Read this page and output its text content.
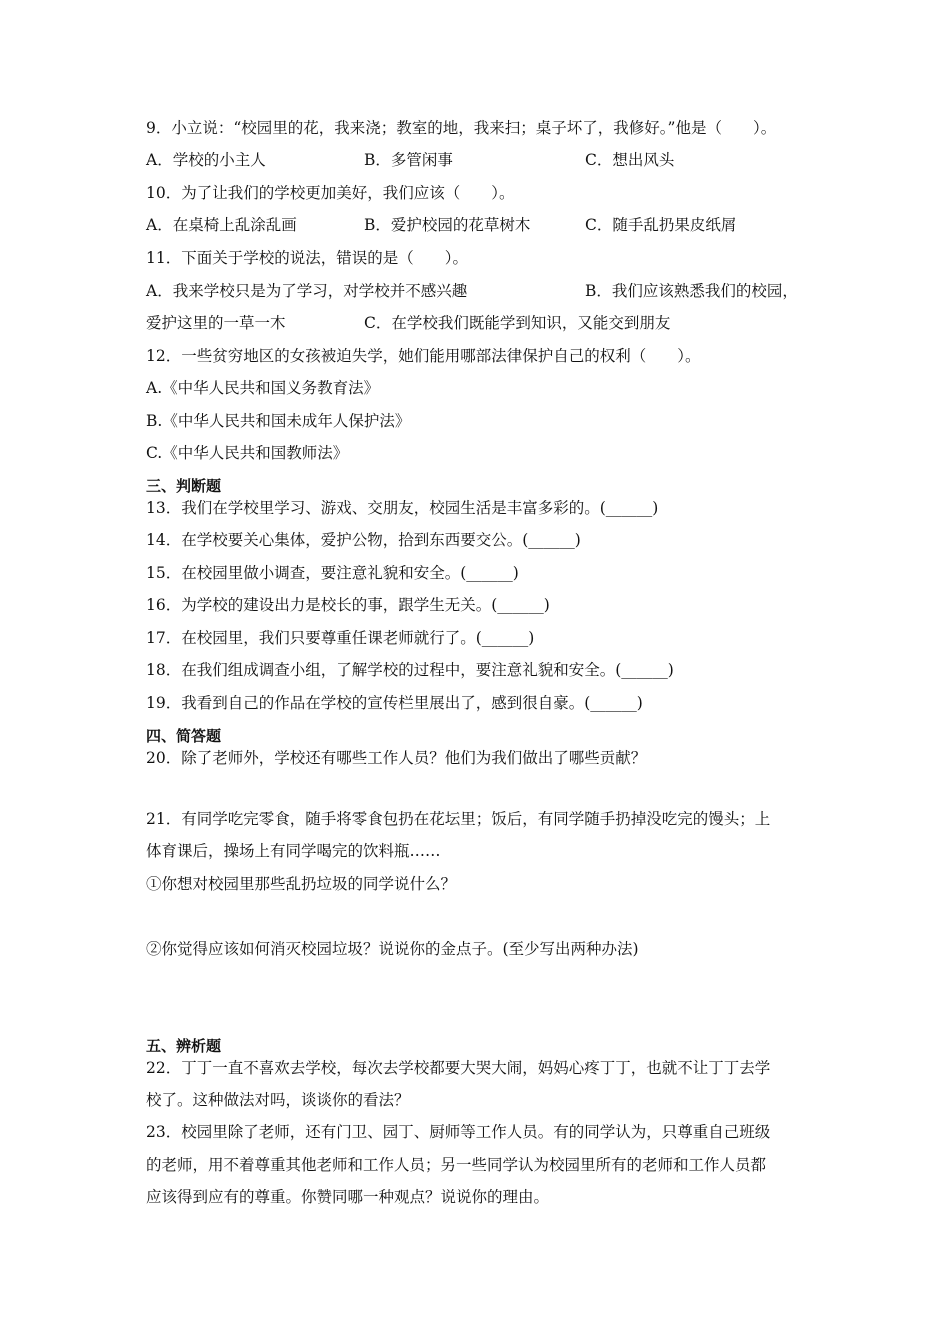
9．小立说：“校园里的花，我来浇；教室的地，我来扫；桌子坏了，我修好。”他是（　　）。
A．学校的小主人	B．多管闲事	C．想出风头
10．为了让我们的学校更加美好，我们应该（　　）。
A．在桌椅上乱涂乱画	B．爱护校园的花草树木	C．随手乱扔果皮纸屑
11．下面关于学校的说法，错误的是（　　）。
A．我来学校只是为了学习，对学校并不感兴趣	B．我们应该熟悉我们的校园，
爱护这里的一草一木	C．在学校我们既能学到知识，又能交到朋友
12．一些贫穷地区的女孩被迫失学，她们能用哪部法律保护自己的权利（　　）。
A.《中华人民共和国义务教育法》
B.《中华人民共和国未成年人保护法》
C.《中华人民共和国教师法》
三、判断题
13．我们在学校里学习、游戏、交朋友，校园生活是丰富多彩的。(______)
14．在学校要关心集体，爱护公物，拾到东西要交公。(______)
15．在校园里做小调查，要注意礼貌和安全。(______)
16．为学校的建设出力是校长的事，跟学生无关。(______)
17．在校园里，我们只要尊重任课老师就行了。(______)
18．在我们组成调查小组，了解学校的过程中，要注意礼貌和安全。(______)
19．我看到自己的作品在学校的宣传栏里展出了，感到很自豪。(______)
四、简答题
20．除了老师外，学校还有哪些工作人员？他们为我们做出了哪些贡献？
21．有同学吃完零食，随手将零食包扔在花坛里；饭后，有同学随手扔掉没吃完的馒头；上
体育课后，操场上有同学喝完的饮料瓶……
①你想对校园里那些乱扔垃圾的同学说什么？
②你觉得应该如何消灭校园垃圾？说说你的金点子。(至少写出两种办法)
五、辨析题
22．丁丁一直不喜欢去学校，每次去学校都要大哭大闹，妈妈心疼丁丁，也就不让丁丁去学
校了。这种做法对吗，谈谈你的看法？
23．校园里除了老师，还有门卫、园丁、厨师等工作人员。有的同学认为，只尊重自己班级
的老师，用不着尊重其他老师和工作人员；另一些同学认为校园里所有的老师和工作人员都
应该得到应有的尊重。你赞同哪一种观点？说说你的理由。
